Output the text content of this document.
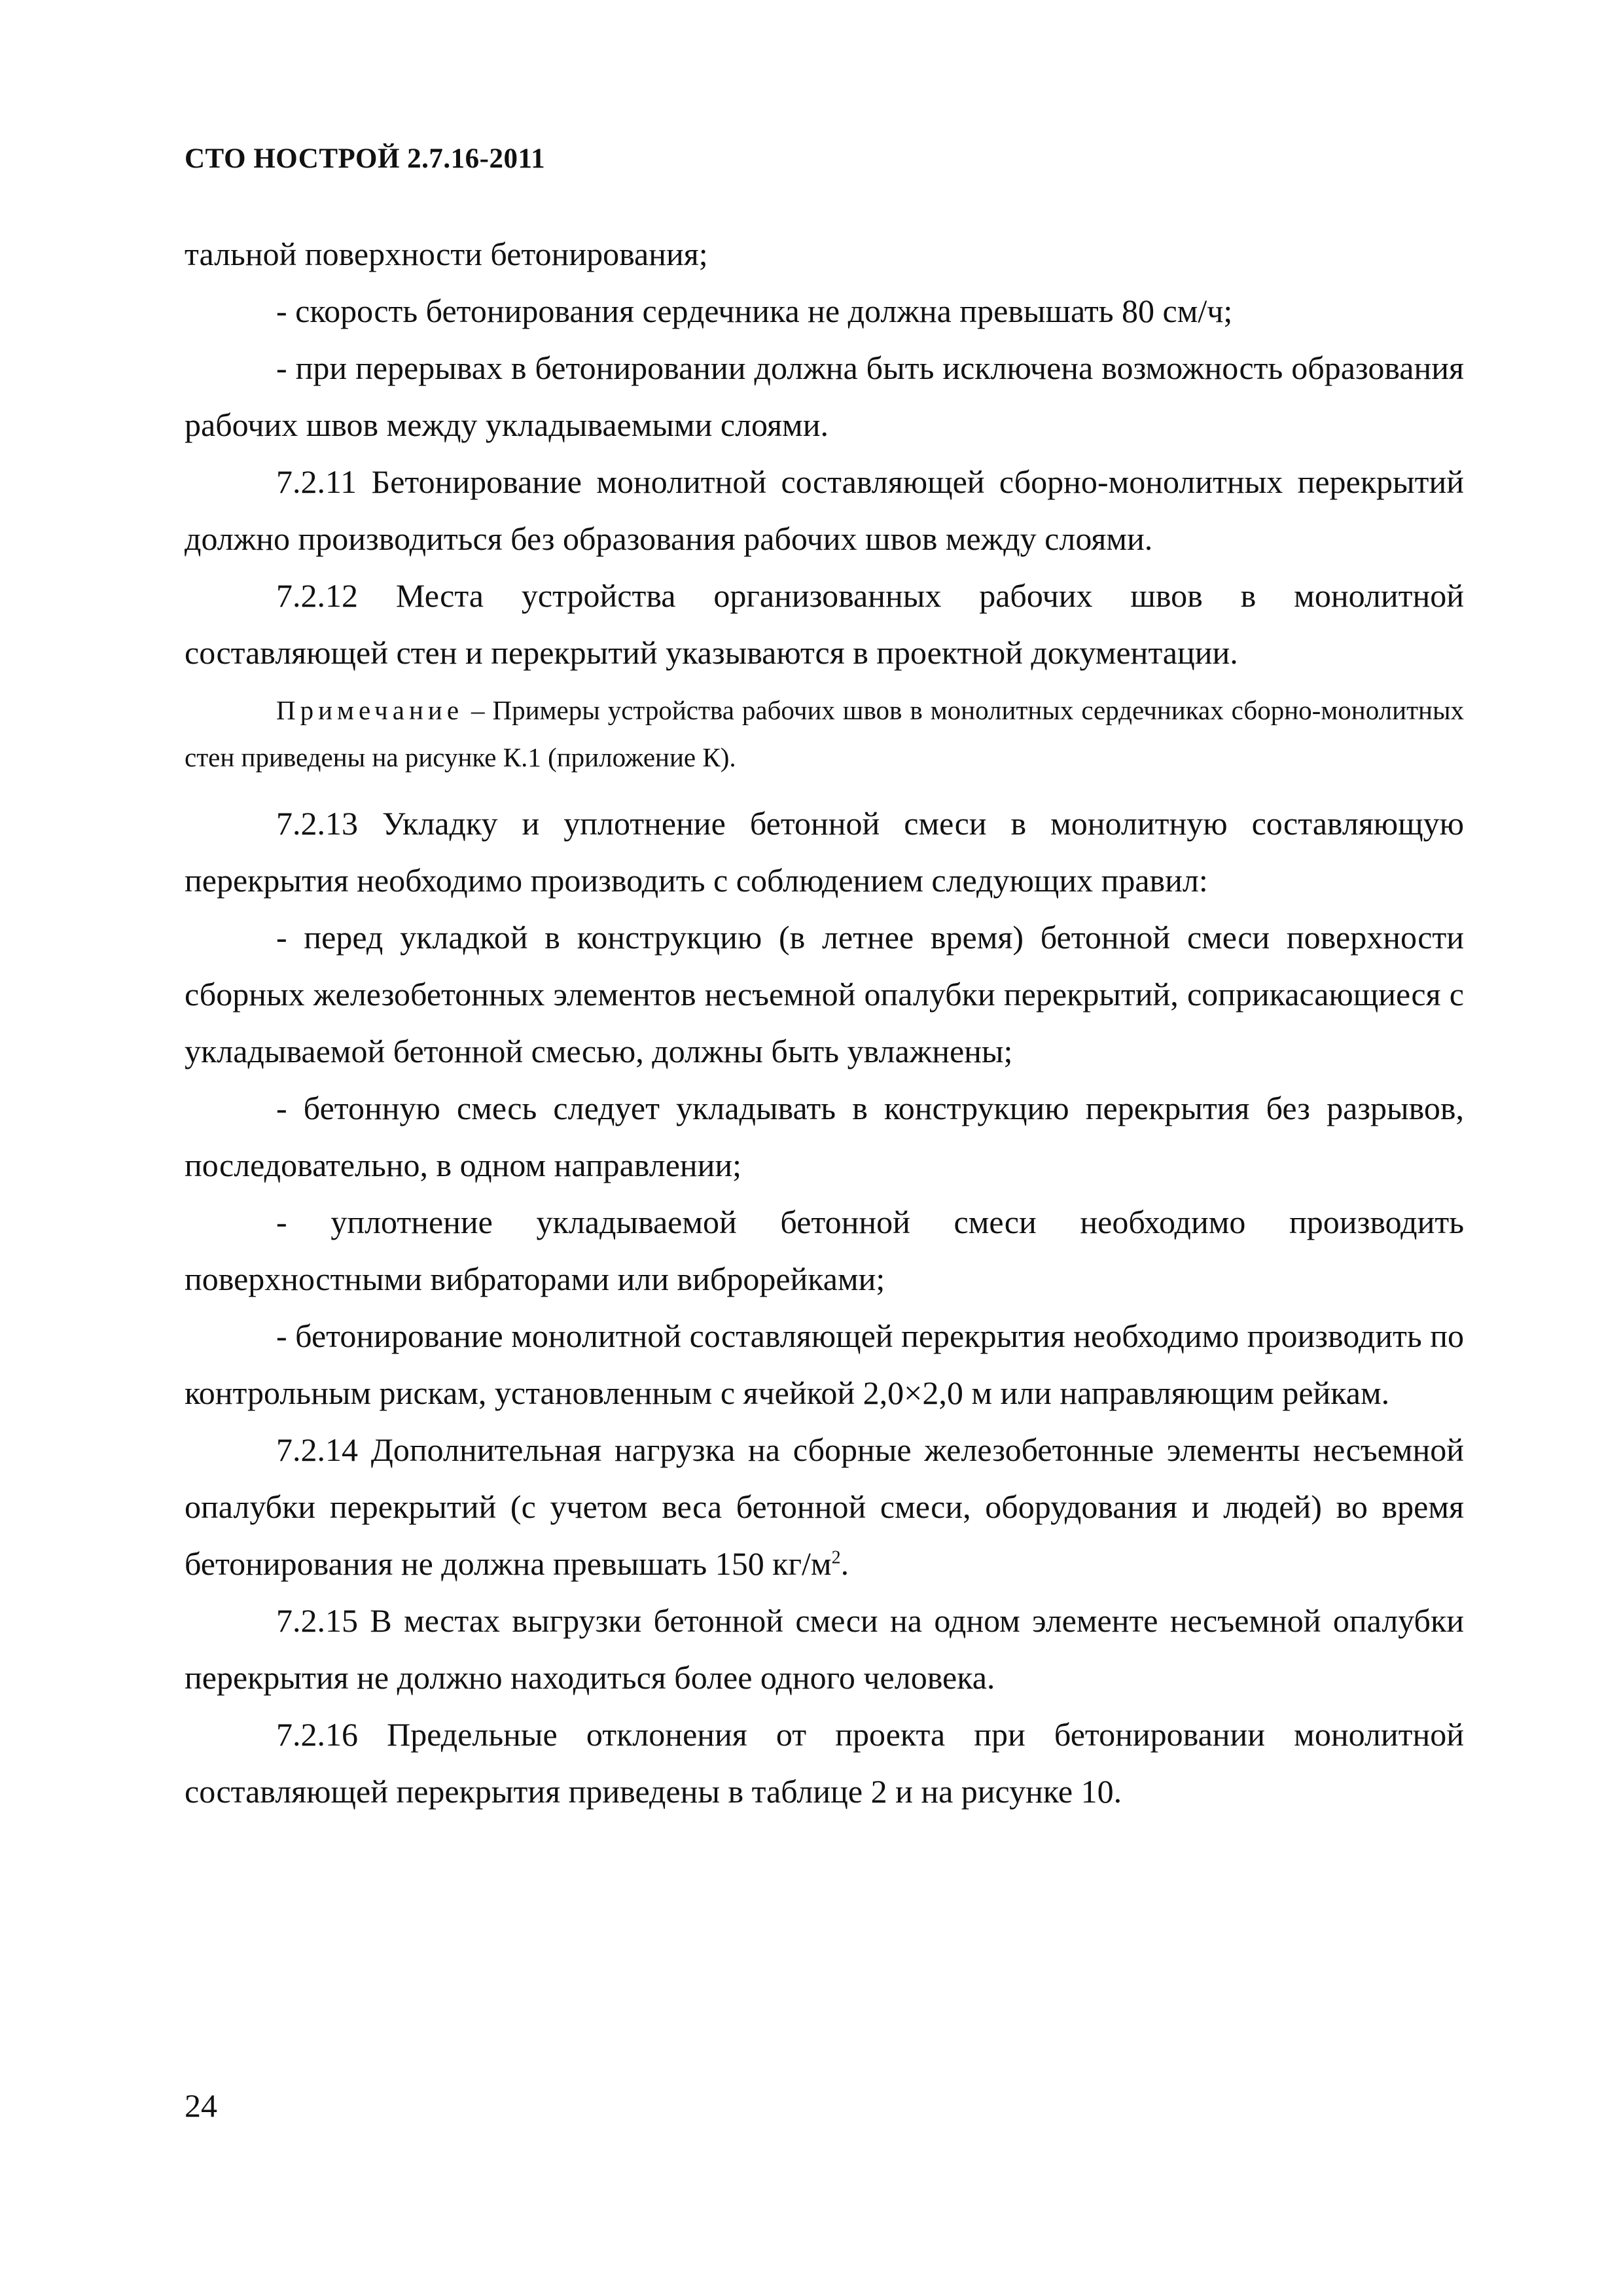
СТО НОСТРОЙ 2.7.16-2011

тальной поверхности бетонирования;

- скорость бетонирования сердечника не должна превышать 80 см/ч;

- при перерывах в бетонировании должна быть исключена возможность образования рабочих швов между укладываемыми слоями.

7.2.11 Бетонирование монолитной составляющей сборно-монолитных перекрытий должно производиться без образования рабочих швов между слоями.

7.2.12 Места устройства организованных рабочих швов в монолитной составляющей стен и перекрытий указываются в проектной документации.

Примечание – Примеры устройства рабочих швов в монолитных сердечниках сборно-монолитных стен приведены на рисунке К.1 (приложение К).

7.2.13 Укладку и уплотнение бетонной смеси в монолитную составляющую перекрытия необходимо производить с соблюдением следующих правил:

- перед укладкой в конструкцию (в летнее время) бетонной смеси поверхности сборных железобетонных элементов несъемной опалубки перекрытий, соприкасающиеся с укладываемой бетонной смесью, должны быть увлажнены;

- бетонную смесь следует укладывать в конструкцию перекрытия без разрывов, последовательно, в одном направлении;

- уплотнение укладываемой бетонной смеси необходимо производить поверхностными вибраторами или виброрейками;

- бетонирование монолитной составляющей перекрытия необходимо производить по контрольным рискам, установленным с ячейкой 2,0×2,0 м или направляющим рейкам.

7.2.14 Дополнительная нагрузка на сборные железобетонные элементы несъемной опалубки перекрытий (с учетом веса бетонной смеси, оборудования и людей) во время бетонирования не должна превышать 150 $кг/м^2$.

7.2.15 В местах выгрузки бетонной смеси на одном элементе несъемной опалубки перекрытия не должно находиться более одного человека.

7.2.16 Предельные отклонения от проекта при бетонировании монолитной составляющей перекрытия приведены в таблице 2 и на рисунке 10.

24
